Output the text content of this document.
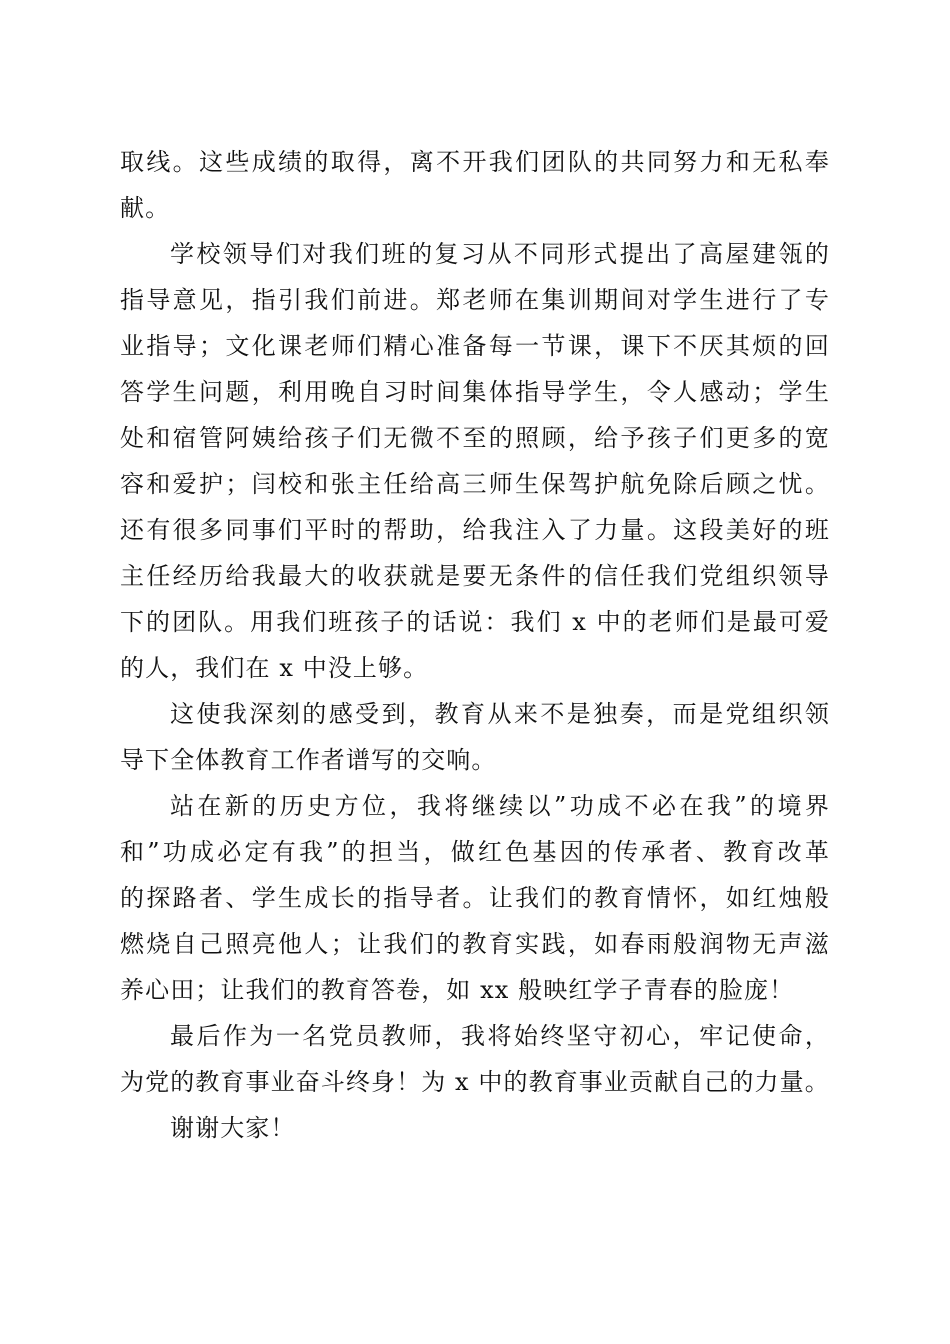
取线。这些成绩的取得，离不开我们团队的共同努力和无私奉
献。
学校领导们对我们班的复习从不同形式提出了高屋建瓴的
指导意见，指引我们前进。郑老师在集训期间对学生进行了专
业指导；文化课老师们精心准备每一节课，课下不厌其烦的回
答学生问题，利用晚自习时间集体指导学生，令人感动；学生
处和宿管阿姨给孩子们无微不至的照顾，给予孩子们更多的宽
容和爱护；闫校和张主任给高三师生保驾护航免除后顾之忧。
还有很多同事们平时的帮助，给我注入了力量。这段美好的班
主任经历给我最大的收获就是要无条件的信任我们党组织领导
下的团队。用我们班孩子的话说：我们 x 中的老师们是最可爱
的人，我们在 x 中没上够。
这使我深刻的感受到，教育从来不是独奏，而是党组织领
导下全体教育工作者谱写的交响。
站在新的历史方位，我将继续以”功成不必在我”的境界
和”功成必定有我”的担当，做红色基因的传承者、教育改革
的探路者、学生成长的指导者。让我们的教育情怀，如红烛般
燃烧自己照亮他人；让我们的教育实践，如春雨般润物无声滋
养心田；让我们的教育答卷，如 xx 般映红学子青春的脸庞！
最后作为一名党员教师，我将始终坚守初心，牢记使命，
为党的教育事业奋斗终身！为 x 中的教育事业贡献自己的力量。
谢谢大家！
